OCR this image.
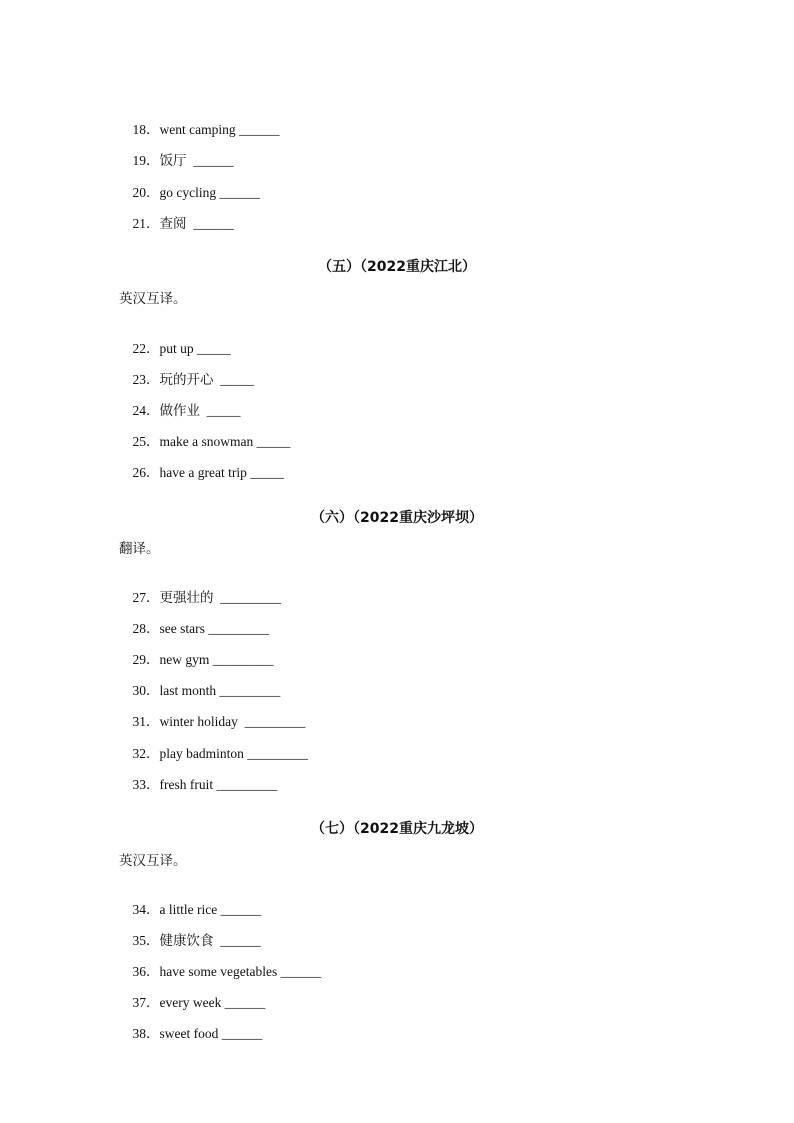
18．went camping ______

19．饭厅  ______

20．go cycling ______

21．查阅  ______

（五）（2022重庆江北）
英汉互译。

22．put up _____

23．玩的开心  _____

24．做作业  _____

25．make a snowman _____

26．have a great trip _____

（六）（2022重庆沙坪坝）
翻译。

27．更强壮的  _________

28．see stars _________

29．new gym _________

30．last month _________

31．winter holiday  _________

32．play badminton _________

33．fresh fruit _________

（七）（2022重庆九龙坡）
英汉互译。

34．a little rice ______

35．健康饮食  ______

36．have some vegetables ______

37．every week ______

38．sweet food ______
